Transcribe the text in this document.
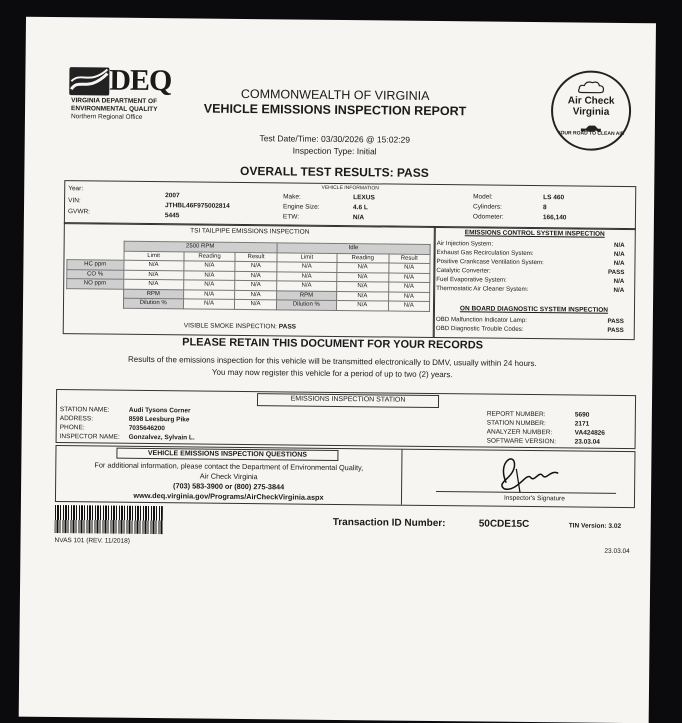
DEQ
VIRGINIA DEPARTMENT OF
ENVIRONMENTAL QUALITY
Northern Regional Office
COMMONWEALTH OF VIRGINIA
VEHICLE EMISSIONS INSPECTION REPORT
Air Check
Virginia
YOUR ROAD TO CLEAN AIR
Test Date/Time: 03/30/2026 @ 15:02:29
Inspection Type: Initial
OVERALL TEST RESULTS: PASS
VEHICLE INFORMATION
Year:
2007
VIN:
JTHBL46F975002814
GVWR:
5445
Make:	LEXUS
Engine Size:	4.6 L
ETW:	N/A
Model:	LS 460
Cylinders:	8
Odometer:	166,140
TSI TAILPIPE EMISSIONS INSPECTION
	2500 RPM			Idle		
	Limit	Reading	Result	Limit	Reading	Result
HC ppm	N/A	N/A	N/A	N/A	N/A	N/A
CO %	N/A	N/A	N/A	N/A	N/A	N/A
NO ppm	N/A	N/A	N/A	N/A	N/A	N/A
	RPM	N/A	N/A	RPM	N/A	N/A
	Dilution %	N/A	N/A	Dilution %	N/A	N/A
VISIBLE SMOKE INSPECTION: PASS
EMISSIONS CONTROL SYSTEM INSPECTION
Air Injection System:	N/A
Exhaust Gas Recirculation System:	N/A
Positive Crankcase Ventilation System:	N/A
Catalytic Converter:	PASS
Fuel Evaporative System:	N/A
Thermostatic Air Cleaner System:	N/A
ON BOARD DIAGNOSTIC SYSTEM INSPECTION
OBD Malfunction Indicator Lamp:	PASS
OBD Diagnostic Trouble Codes:	PASS
PLEASE RETAIN THIS DOCUMENT FOR YOUR RECORDS
Results of the emissions inspection for this vehicle will be transmitted electronically to DMV, usually within 24 hours.
You may now register this vehicle for a period of up to two (2) years.
EMISSIONS INSPECTION STATION
STATION NAME:	Audi Tysons Corner
ADDRESS:	8598 Leesburg Pike
PHONE:	7035646200
INSPECTOR NAME: Gonzalvez, Sylvain L.
REPORT NUMBER:	5690
STATION NUMBER:	2171
ANALYZER NUMBER:	VA424826
SOFTWARE VERSION:	23.03.04
VEHICLE EMISSIONS INSPECTION QUESTIONS
For additional information, please contact the Department of Environmental Quality,
Air Check Virginia
(703) 583-3900 or (800) 275-3844
www.deq.virginia.gov/Programs/AirCheckVirginia.aspx	Inspector's Signature
Transaction ID Number:	50CDE15C	TIN Version: 3.02
NVAS 101 (REV. 11/2018)
23.03.04
